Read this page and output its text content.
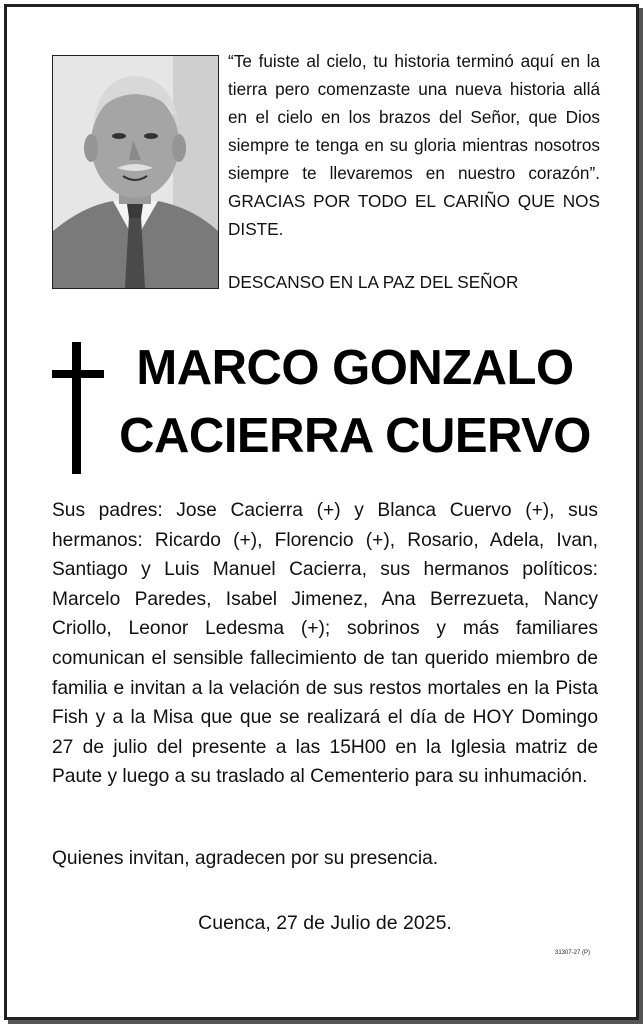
“Te fuiste al cielo, tu historia terminó aquí en la tierra pero comenzaste una nueva historia allá en el cielo en los brazos del Señor, que Dios siempre te tenga en su gloria mientras nosotros siempre te llevaremos en nuestro corazón”. GRACIAS POR TODO EL CARIÑO QUE NOS DISTE.
DESCANSO EN LA PAZ DEL SEÑOR
MARCO GONZALO
CACIERRA CUERVO
Sus padres: Jose Cacierra (+) y Blanca Cuervo (+), sus hermanos: Ricardo (+), Florencio (+), Rosario, Adela, Ivan, Santiago y Luis Manuel Cacierra, sus hermanos políticos: Marcelo Paredes, Isabel Jimenez, Ana Berrezueta, Nancy Criollo, Leonor Ledesma (+); sobrinos y más familiares comunican el sensible fallecimiento de tan querido miembro de familia e invitan a la velación de sus restos mortales en la Pista Fish y a la Misa que que se realizará el día de HOY Domingo 27 de julio del presente a las 15H00 en la Iglesia matriz de Paute y luego a su traslado al Cementerio para su inhumación.
Quienes invitan, agradecen por su presencia.
Cuenca, 27 de Julio de 2025.
31307-27 (P)
